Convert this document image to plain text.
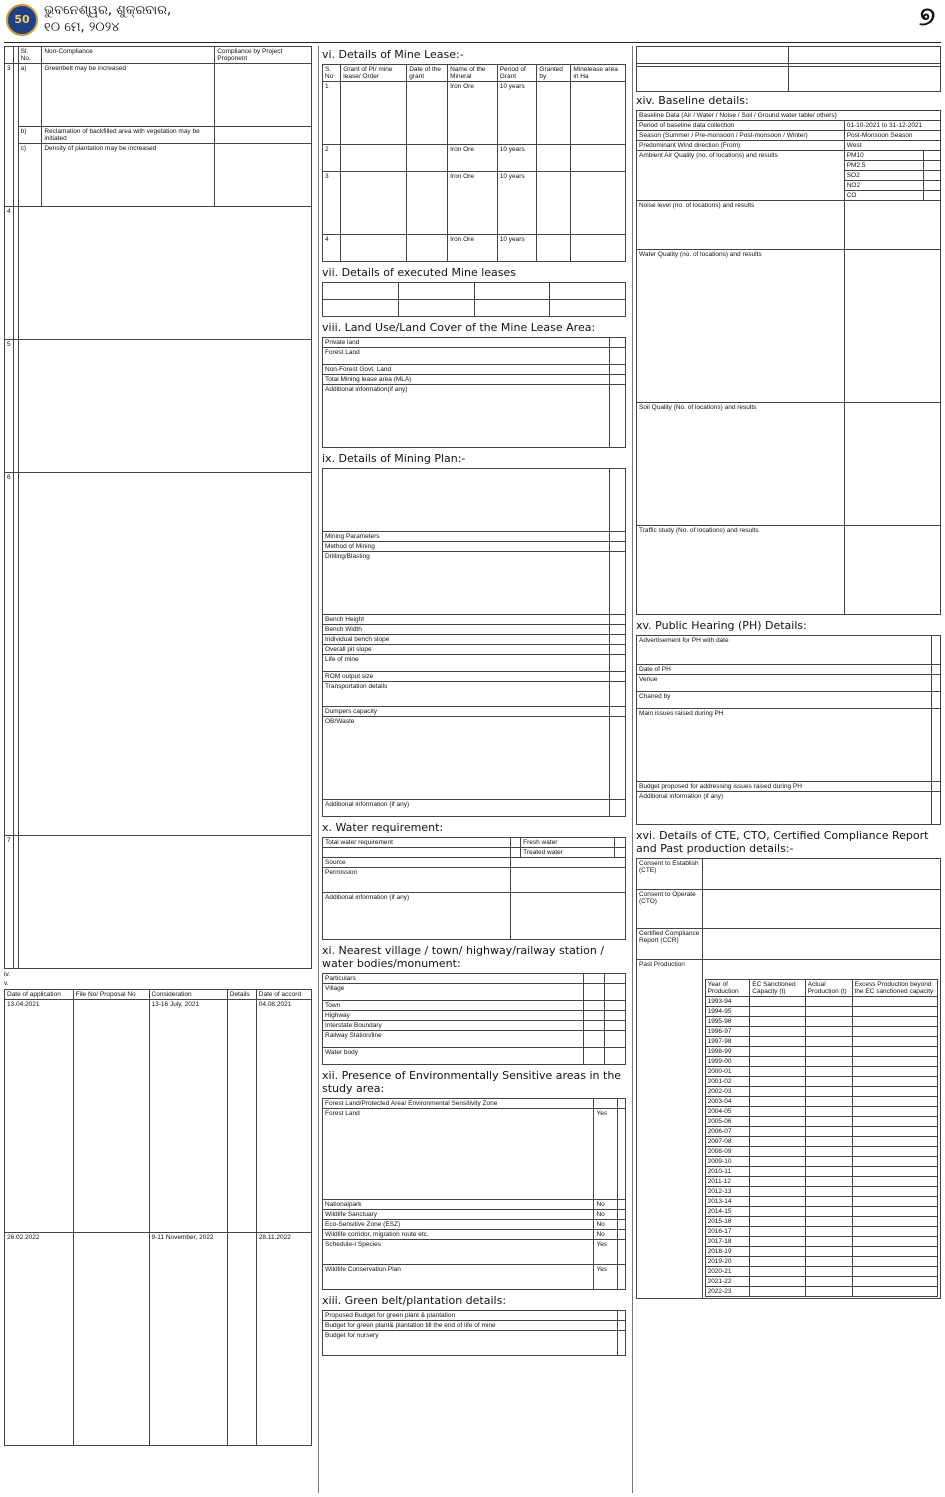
50
ଭୁବନେଶ୍ୱର, ଶୁକ୍ରବାର,
୧୦ ମେ, ୨୦୨୪	୭
		Sl. No.	Non-Compliance	Compliance by Project Proponent
3		a)	Greenbelt may be increased	
		b)	Reclamation of backfilled area with vegetation may be initiated	
		c)	Density of plantation may be increased	
4				
5				
6				
7				
iv.
v.
Date of application	File No/ Proposal No	Consideration	Details	Date of accord
13.04.2021		13-16 July, 2021		04.08.2021
26.02.2022		9-11 November, 2022		28.11.2022
vi. Details of Mine Lease:-
S. No	Grant of PI/ mine lease/ Order	Date of the grant	Name of the Mineral	Period of Grant	Granted by	Minelease area in Ha
1			Iron Ore	10 years		
2			Iron Ore	10 years		
3			Iron Ore	10 years		
4			Iron Ore	10 years		
vii. Details of executed Mine leases

viii. Land Use/Land Cover of the Mine Lease Area:
Private land	
Forest Land	
Non-Forest Govt. Land	
Total Mining lease area (MLA)	
Additional information(if any)	
ix. Details of Mining Plan:-

Mining Parameters	
Method of Mining	
Drilling/Blasting	
Bench Height	
Bench Width	
Individual bench slope	
Overall pit slope	
Life of mine	
ROM output size	
Transportation details	
Dumpers capacity	
OB/Waste	
Additional information (if any)	
x. Water requirement:
Total water requirement		Fresh water	
		Treated water	
Source			
Permission			
Additional information (if any)			
xi. Nearest village / town/ highway/railway station / water bodies/monument:
Particulars		
Village		
Town		
Highway		
Interstate Boundary		
Railway Station/line		
Water body		
xii. Presence of Environmentally Sensitive areas in the study area:
Forest Land/Protected Area/ Environmental Sensitivity Zone		
Forest Land	Yes	
Nationalpark	No	
Wildlife Sanctuary	No	
Eco-Sensitive Zone (ESZ)	No	
Wildlife corridor, migration route etc.	No	
Schedule-I Species	Yes	
Wildlife Conservation Plan	Yes	
xiii. Green belt/plantation details:
Proposed Budget for green plant & plantation	
Budget for green plant& plantation till the end of life of mine	
Budget for nursery	

xiv. Baseline details:
Baseline Data (Air / Water / Noise / Soil / Ground water table/ others)		
Period of baseline data collection	01-10-2021 to 31-12-2021	
Season (Summer / Pre-monsoon / Post-monsoon / Winter)	Post-Monsoon Season	
Predominant Wind direction (From)	West	
Ambient Air Quality (no. of locations) and results	PM10	
	PM2.5	
	SO2	
	NO2	
	CO	
Noise level (no. of locations) and results		
Water Quality (no. of locations) and results		
Soil Quality (No. of locations) and results		
Traffic study (No. of locations) and results		
xv. Public Hearing (PH) Details:
Advertisement for PH with date	
Date of PH	
Venue	
Chaired by	
Main issues raised during PH	
Budget proposed for addressing issues raised during PH	
Additional information (if any)	
xvi. Details of CTE, CTO, Certified Compliance Report and Past production details:-
Consent to Establish (CTE)	
Consent to Operate (CTO)	
Certified Compliance Report (CCR)	
Past Production	
Year of Production	EC Sanctioned Capacity (t)	Actual Production (t)	Excess Production beyond the EC sanctioned capacity
1993-94			
1994-95			
1995-96			
1996-97			
1997-98			
1998-99			
1999-00			
2000-01			
2001-02			
2002-03			
2003-04			
2004-05			
2005-06			
2006-07			
2007-08			
2008-09			
2009-10			
2010-11			
2011-12			
2012-13			
2013-14			
2014-15			
2015-16			
2016-17			
2017-18			
2018-19			
2019-20			
2020-21			
2021-22			
2022-23			
